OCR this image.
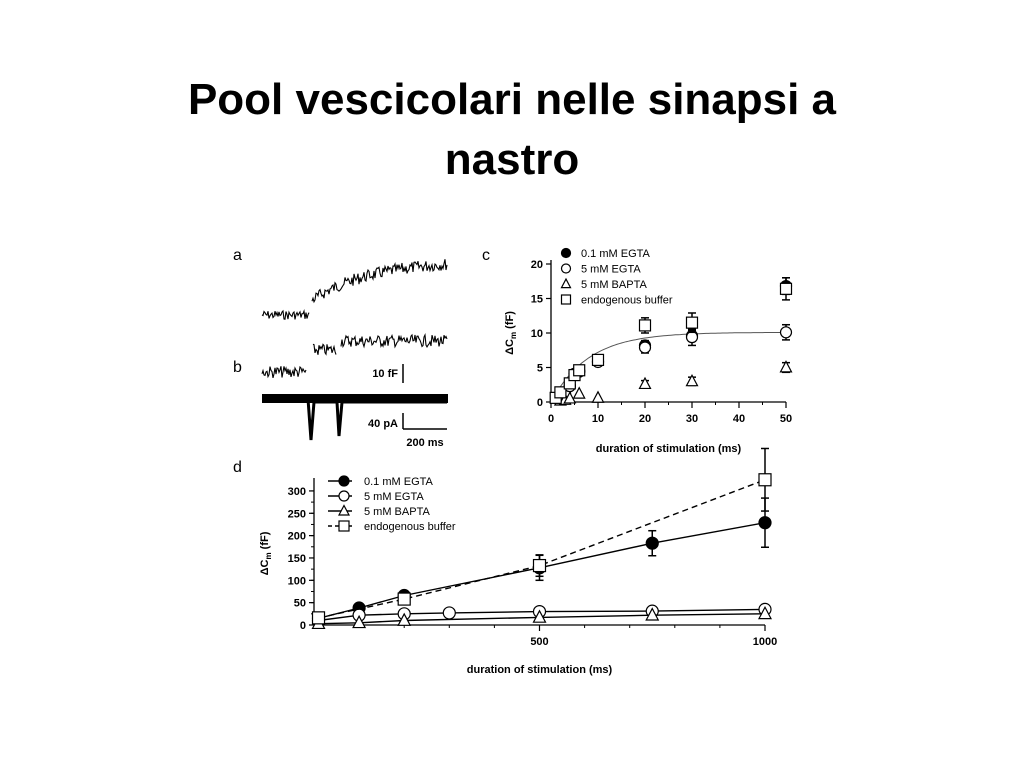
Pool vescicolari nelle sinapsi a
nastro
a
b
c
d
10 fF
40 pA
200 ms
0
5
10
15
20
0	10	20	30	40	50
duration of stimulation (ms)
$\Delta C_m$ (fF)
0.1 mM EGTA
5 mM EGTA
5 mM BAPTA
endogenous buffer
0
50
100
150
200
250
300
500	1000
duration of stimulation (ms)
$\Delta C_m$ (fF)
0.1 mM EGTA
5 mM EGTA
5 mM BAPTA
endogenous buffer
